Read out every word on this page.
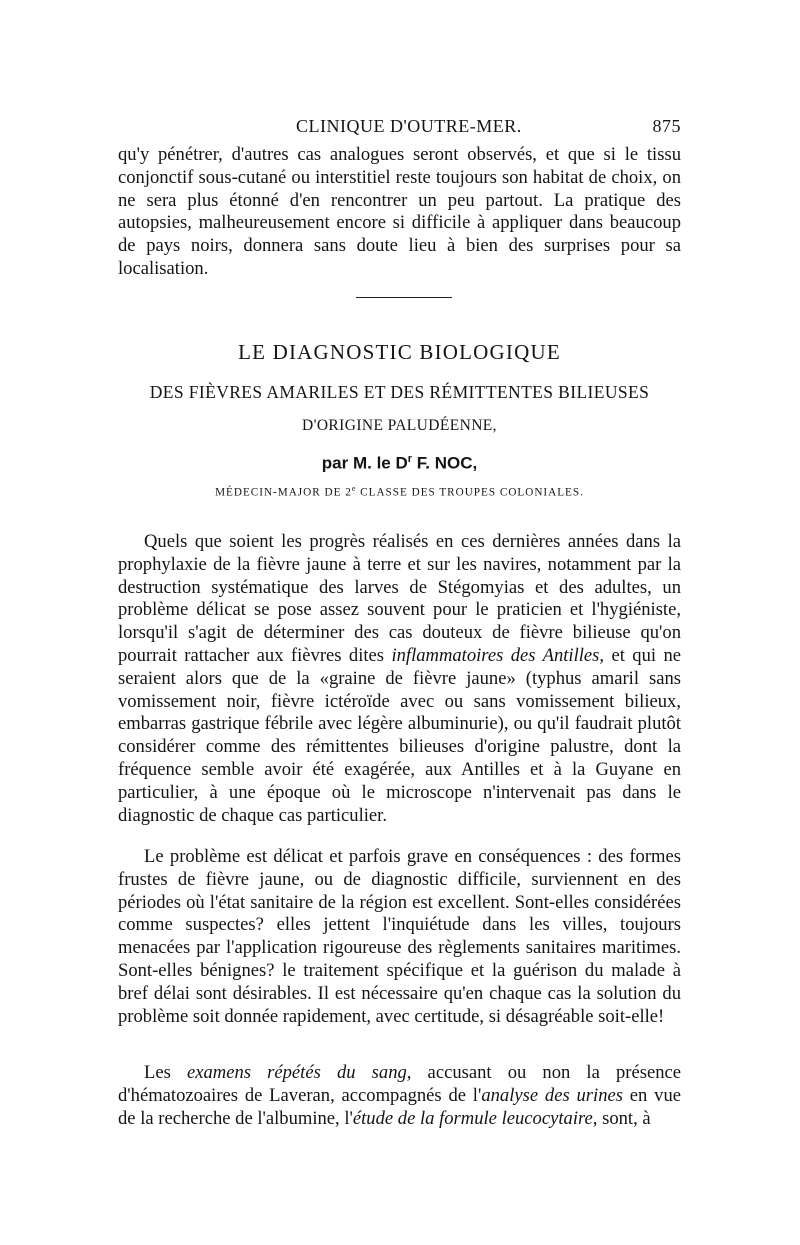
CLINIQUE D'OUTRE-MER.	875

qu'y pénétrer, d'autres cas analogues seront observés, et que si le tissu conjonctif sous-cutané ou interstitiel reste toujours son habitat de choix, on ne sera plus étonné d'en rencontrer un peu partout. La pratique des autopsies, malheureusement encore si difficile à appliquer dans beaucoup de pays noirs, donnera sans doute lieu à bien des surprises pour sa localisation.

LE DIAGNOSTIC BIOLOGIQUE
DES FIÈVRES AMARILES ET DES RÉMITTENTES BILIEUSES
D'ORIGINE PALUDÉENNE,
par M. le $D^r$ F. NOC,
MÉDECIN-MAJOR DE 2e CLASSE DES TROUPES COLONIALES.

Quels que soient les progrès réalisés en ces dernières années dans la prophylaxie de la fièvre jaune à terre et sur les navires, notamment par la destruction systématique des larves de Stégomyias et des adultes, un problème délicat se pose assez souvent pour le praticien et l'hygiéniste, lorsqu'il s'agit de déterminer des cas douteux de fièvre bilieuse qu'on pourrait rattacher aux fièvres dites inflammatoires des Antilles, et qui ne seraient alors que de la «graine de fièvre jaune» (typhus amaril sans vomissement noir, fièvre ictéroïde avec ou sans vomissement bilieux, embarras gastrique fébrile avec légère albuminurie), ou qu'il faudrait plutôt considérer comme des rémittentes bilieuses d'origine palustre, dont la fréquence semble avoir été exagérée, aux Antilles et à la Guyane en particulier, à une époque où le microscope n'intervenait pas dans le diagnostic de chaque cas particulier.

Le problème est délicat et parfois grave en conséquences : des formes frustes de fièvre jaune, ou de diagnostic difficile, surviennent en des périodes où l'état sanitaire de la région est excellent. Sont-elles considérées comme suspectes? elles jettent l'inquiétude dans les villes, toujours menacées par l'application rigoureuse des règlements sanitaires maritimes. Sont-elles bénignes? le traitement spécifique et la guérison du malade à bref délai sont désirables. Il est nécessaire qu'en chaque cas la solution du problème soit donnée rapidement, avec certitude, si désagréable soit-elle!

Les examens répétés du sang, accusant ou non la présence d'hématozoaires de Laveran, accompagnés de l'analyse des urines en vue de la recherche de l'albumine, l'étude de la formule leucocytaire, sont, à
